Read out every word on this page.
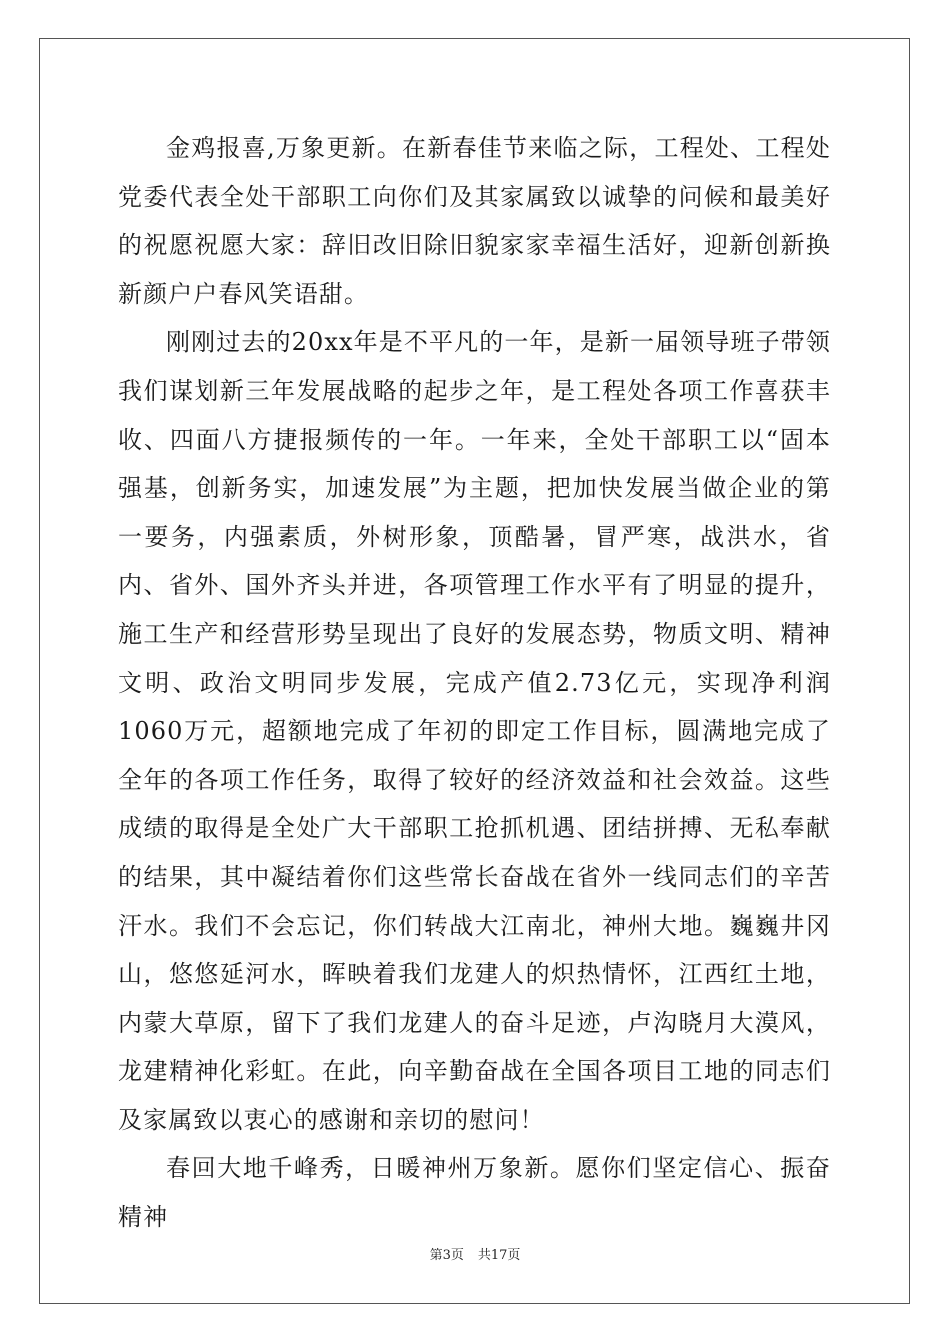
金鸡报喜,万象更新。在新春佳节来临之际，工程处、工程处党委代表全处干部职工向你们及其家属致以诚挚的问候和最美好的祝愿祝愿大家：辞旧改旧除旧貌家家幸福生活好，迎新创新换新颜户户春风笑语甜。

刚刚过去的20xx年是不平凡的一年，是新一届领导班子带领我们谋划新三年发展战略的起步之年，是工程处各项工作喜获丰收、四面八方捷报频传的一年。一年来，全处干部职工以“固本强基，创新务实，加速发展”为主题，把加快发展当做企业的第一要务，内强素质，外树形象，顶酷暑，冒严寒，战洪水，省内、省外、国外齐头并进，各项管理工作水平有了明显的提升，施工生产和经营形势呈现出了良好的发展态势，物质文明、精神文明、政治文明同步发展，完成产值2.73亿元，实现净利润1060万元，超额地完成了年初的即定工作目标，圆满地完成了全年的各项工作任务，取得了较好的经济效益和社会效益。这些成绩的取得是全处广大干部职工抢抓机遇、团结拼搏、无私奉献的结果，其中凝结着你们这些常长奋战在省外一线同志们的辛苦汗水。我们不会忘记，你们转战大江南北，神州大地。巍巍井冈山，悠悠延河水，晖映着我们龙建人的炽热情怀，江西红土地，内蒙大草原，留下了我们龙建人的奋斗足迹，卢沟晓月大漠风，龙建精神化彩虹。在此，向辛勤奋战在全国各项目工地的同志们及家属致以衷心的感谢和亲切的慰问！

春回大地千峰秀，日暖神州万象新。愿你们坚定信心、振奋精神

第3页 共17页
